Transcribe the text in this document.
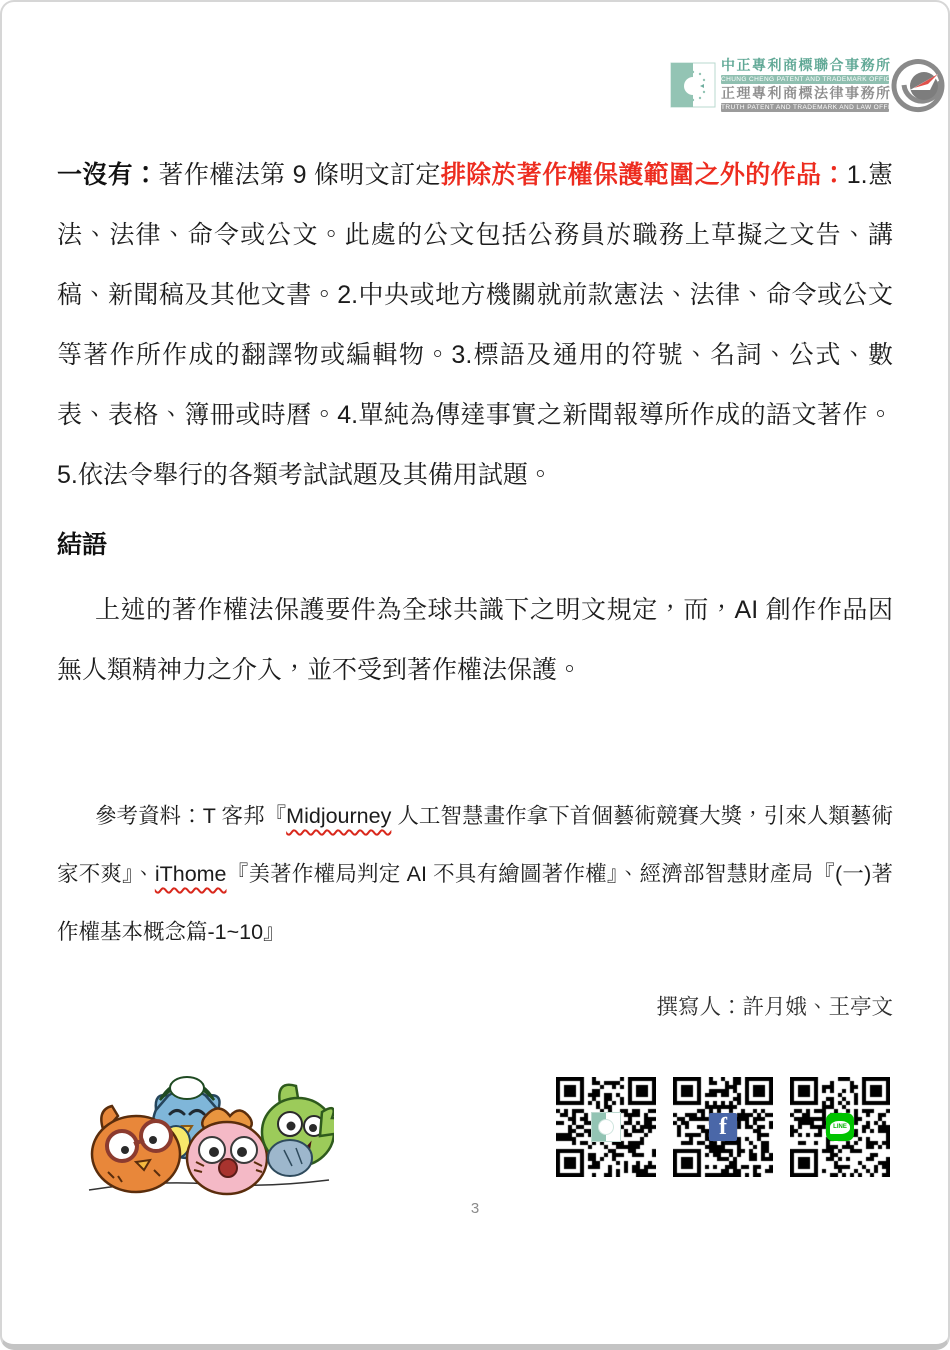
中正專利商標聯合事務所
CHUNG CHENG PATENT AND TRADEMARK OFFICE
正理專利商標法律事務所
TRUTH PATENT AND TRADEMARK AND LAW OFFICE

一沒有：著作權法第 9 條明文訂定排除於著作權保護範圍之外的作品：1.憲法、法律、命令或公文。此處的公文包括公務員於職務上草擬之文告、講稿、新聞稿及其他文書。2.中央或地方機關就前款憲法、法律、命令或公文等著作所作成的翻譯物或編輯物。3.標語及通用的符號、名詞、公式、數表、表格、簿冊或時曆。4.單純為傳達事實之新聞報導所作成的語文著作。5.依法令舉行的各類考試試題及其備用試題。

結語

上述的著作權法保護要件為全球共識下之明文規定，而，AI 創作作品因無人類精神力之介入，並不受到著作權法保護。

參考資料：T 客邦『Midjourney 人工智慧畫作拿下首個藝術競賽大獎，引來人類藝術家不爽』、iThome『美著作權局判定 AI 不具有繪圖著作權』、經濟部智慧財產局『(一)著作權基本概念篇-1~10』

撰寫人：許月娥、王亭文
f	LINE
3
